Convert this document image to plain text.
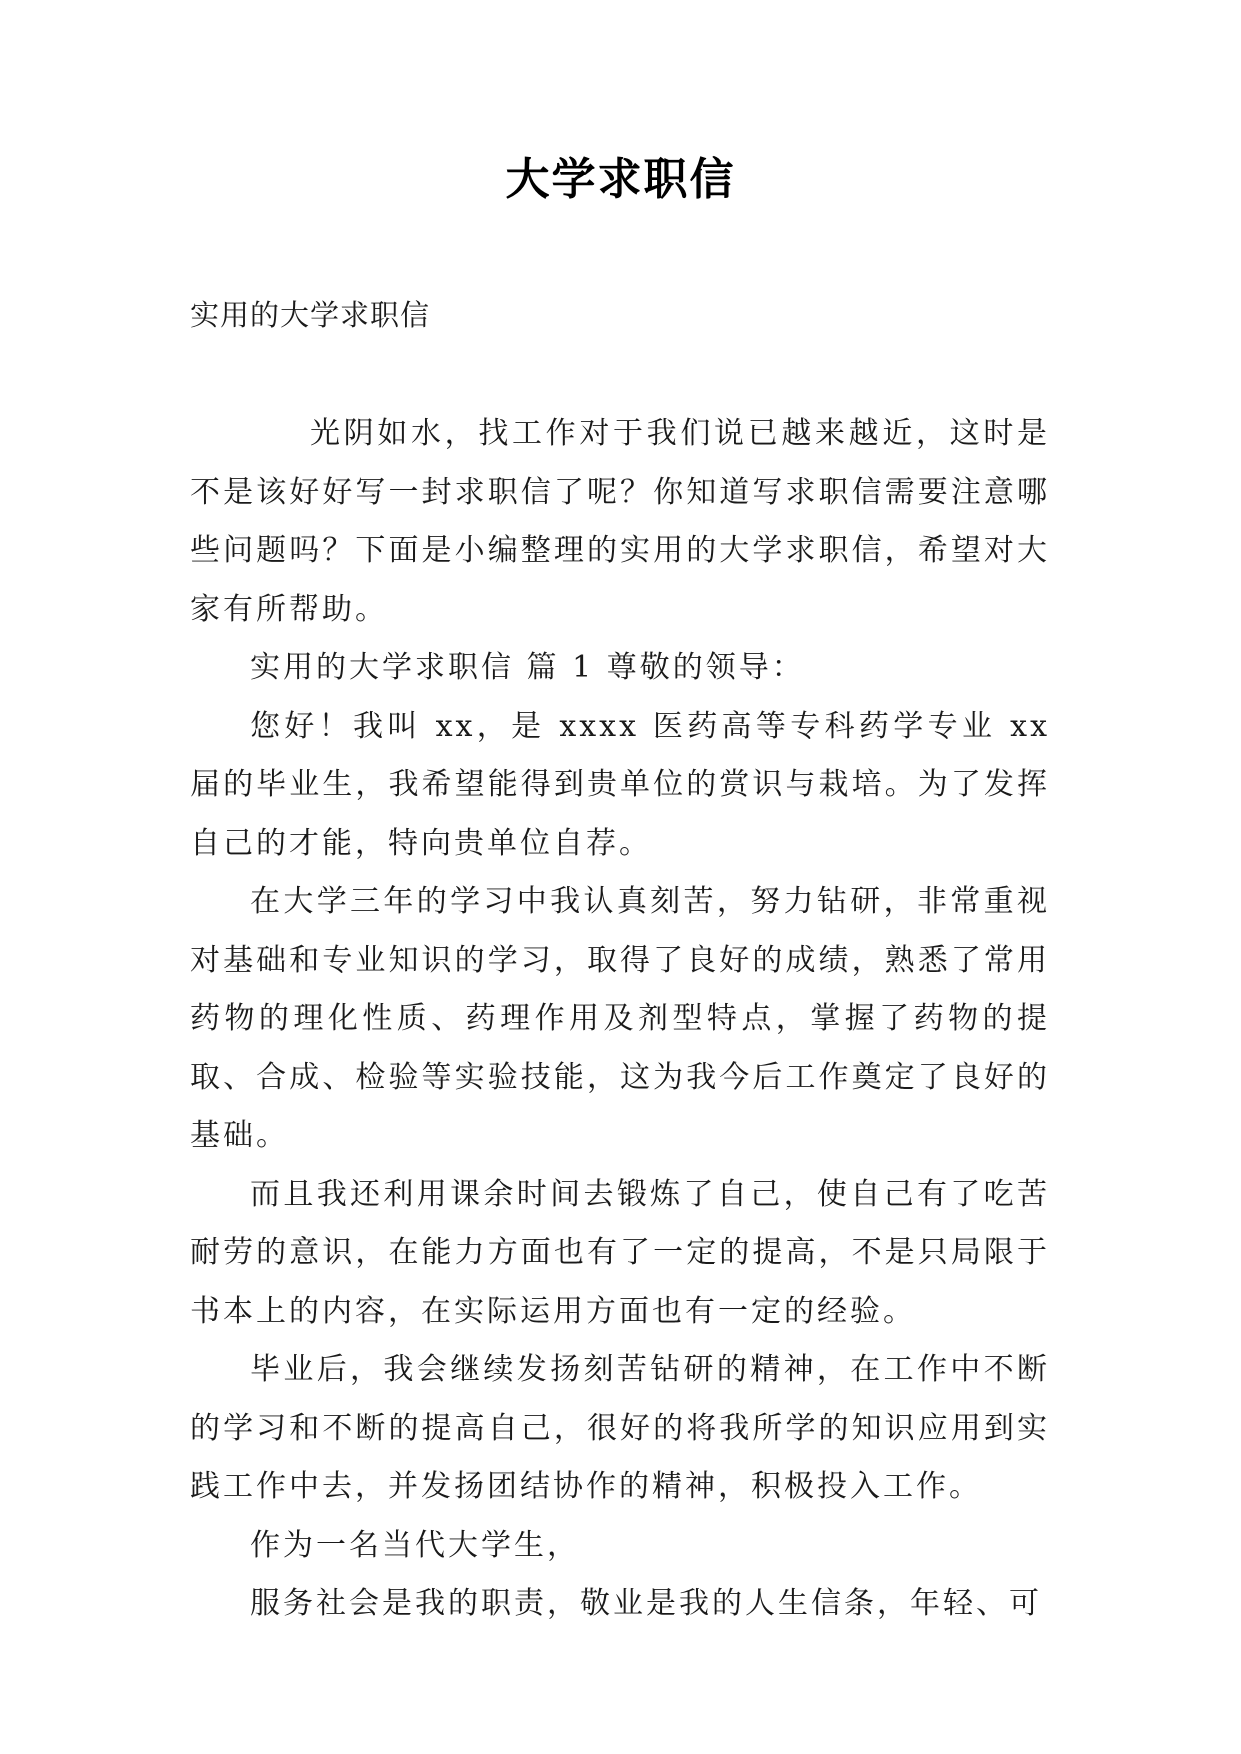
大学求职信
实用的大学求职信

光阴如水，找工作对于我们说已越来越近，这时是不是该好好写一封求职信了呢？你知道写求职信需要注意哪些问题吗？下面是小编整理的实用的大学求职信，希望对大家有所帮助。

实用的大学求职信 篇 1 尊敬的领导：

您好！我叫 xx，是 xxxx 医药高等专科药学专业 xx 届的毕业生，我希望能得到贵单位的赏识与栽培。为了发挥自己的才能，特向贵单位自荐。

在大学三年的学习中我认真刻苦，努力钻研，非常重视对基础和专业知识的学习，取得了良好的成绩，熟悉了常用药物的理化性质、药理作用及剂型特点，掌握了药物的提取、合成、检验等实验技能，这为我今后工作奠定了良好的基础。

而且我还利用课余时间去锻炼了自己，使自己有了吃苦耐劳的意识，在能力方面也有了一定的提高，不是只局限于书本上的内容，在实际运用方面也有一定的经验。

毕业后，我会继续发扬刻苦钻研的精神，在工作中不断的学习和不断的提高自己，很好的将我所学的知识应用到实践工作中去，并发扬团结协作的精神，积极投入工作。

作为一名当代大学生，

服务社会是我的职责，敬业是我的人生信条，年轻、可
